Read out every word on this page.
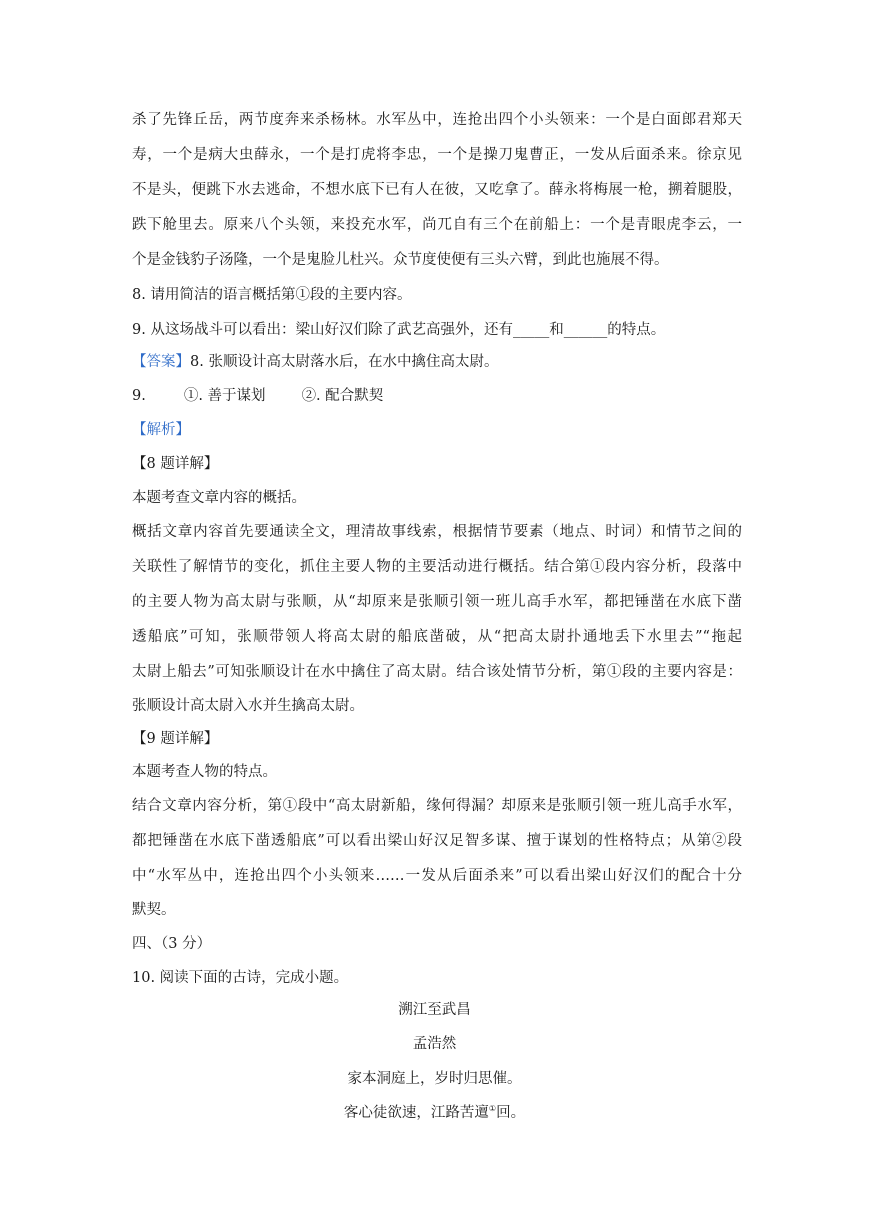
杀了先锋丘岳，两节度奔来杀杨林。水军丛中，连抢出四个小头领来：一个是白面郎君郑天
寿，一个是病大虫薛永，一个是打虎将李忠，一个是操刀鬼曹正，一发从后面杀来。徐京见
不是头，便跳下水去逃命，不想水底下已有人在彼，又吃拿了。薛永将梅展一枪，搠着腿股，
跌下舱里去。原来八个头领，来投充水军，尚兀自有三个在前船上：一个是青眼虎李云，一
个是金钱豹子汤隆，一个是鬼脸儿杜兴。众节度使便有三头六臂，到此也施展不得。
8. 请用简洁的语言概括第①段的主要内容。
9. 从这场战斗可以看出：梁山好汉们除了武艺高强外，还有_____和______的特点。
【答案】8. 张顺设计高太尉落水后，在水中擒住高太尉。
9.	①. 善于谋划 ②. 配合默契
【解析】
【8 题详解】
本题考查文章内容的概括。
概括文章内容首先要通读全文，理清故事线索，根据情节要素（地点、时词）和情节之间的
关联性了解情节的变化，抓住主要人物的主要活动进行概括。结合第①段内容分析，段落中
的主要人物为高太尉与张顺，从“却原来是张顺引领一班儿高手水军，都把锤凿在水底下凿
透船底”可知，张顺带领人将高太尉的船底凿破，从“把高太尉扑通地丢下水里去”“拖起
太尉上船去”可知张顺设计在水中擒住了高太尉。结合该处情节分析，第①段的主要内容是：
张顺设计高太尉入水并生擒高太尉。
【9 题详解】
本题考查人物的特点。
结合文章内容分析，第①段中“高太尉新船，缘何得漏？却原来是张顺引领一班儿高手水军，
都把锤凿在水底下凿透船底”可以看出梁山好汉足智多谋、擅于谋划的性格特点；从第②段
中“水军丛中，连抢出四个小头领来……一发从后面杀来”可以看出梁山好汉们的配合十分
默契。
四、（3 分）
10. 阅读下面的古诗，完成小题。
溯江至武昌
孟浩然
家本洞庭上，岁时归思催。
客心徒欲速，江路苦邅①回。
